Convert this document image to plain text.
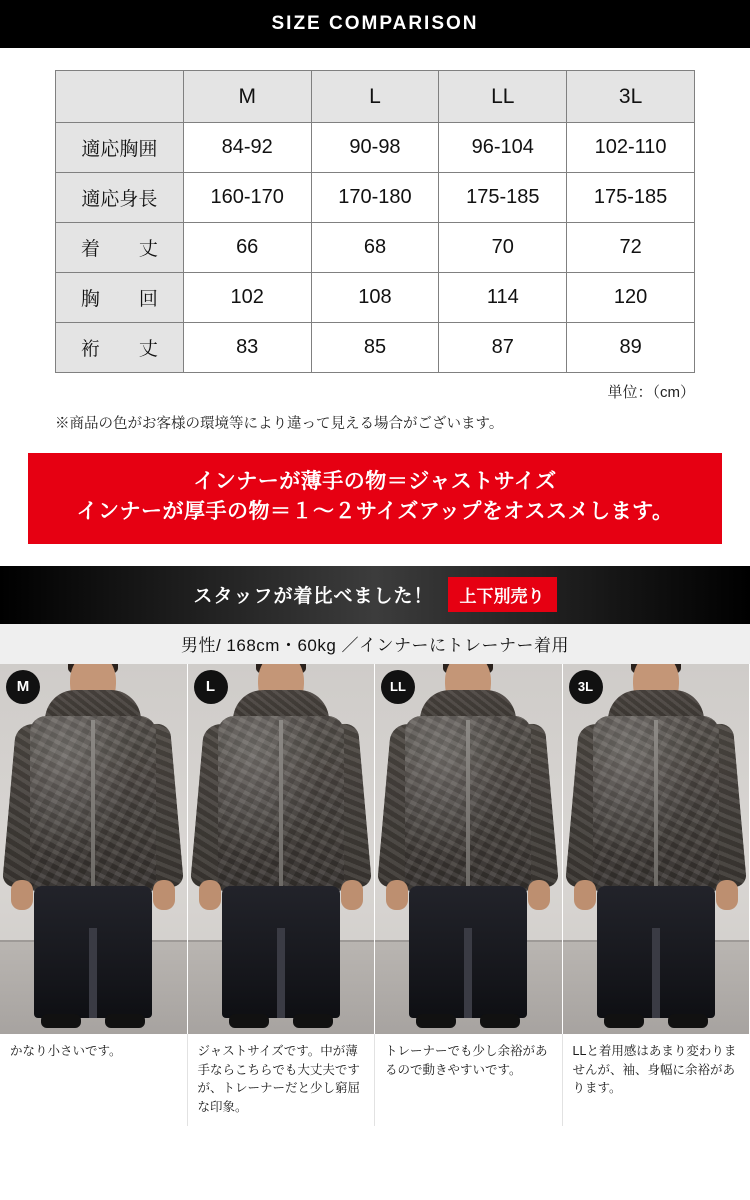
SIZE COMPARISON
	M	L	LL	3L
適応胸囲	84-92	90-98	96-104	102-110
適応身長	160-170	170-180	175-185	175-185
着　丈	66	68	70	72
胸　回	102	108	114	120
裄　丈	83	85	87	89
単位：（cm）
※商品の色がお客様の環境等により違って見える場合がございます。
インナーが薄手の物＝ジャストサイズ
インナーが厚手の物＝１〜２サイズアップをオススメします。
スタッフが着比べました！	上下別売り
男性/ 168cm・60kg ／インナーにトレーナー着用
M
かなり小さいです。
L
ジャストサイズです。中が薄手ならこちらでも大丈夫ですが、トレーナーだと少し窮屈な印象。
LL
トレーナーでも少し余裕があるので動きやすいです。
3L
LLと着用感はあまり変わりませんが、袖、身幅に余裕があります。
